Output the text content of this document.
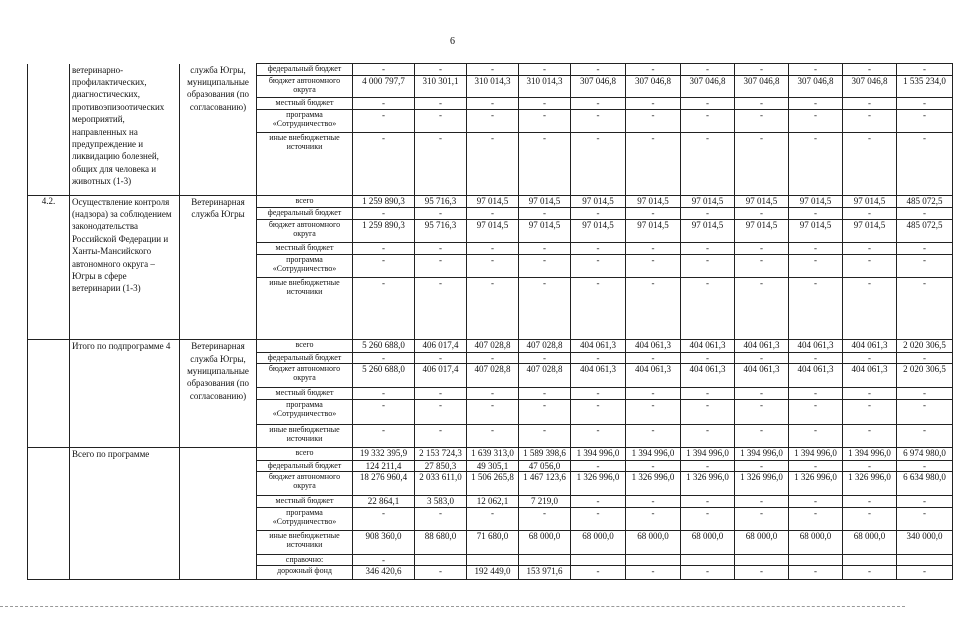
6
	ветеринарно-профилактических, диагностических, противоэпизоотических мероприятий, направленных на предупреждение и ликвидацию болезней, общих для человека и животных (1-3)	служба Югры, муниципальные образования (по согласованию)	федеральный бюджет	-	-	-	-	-	-	-	-	-	-	-
			бюджет автономного округа	4 000 797,7	310 301,1	310 014,3	310 014,3	307 046,8	307 046,8	307 046,8	307 046,8	307 046,8	307 046,8	1 535 234,0
			местный бюджет	-	-	-	-	-	-	-	-	-	-	-
			программа «Сотрудничество»	-	-	-	-	-	-	-	-	-	-	-
			иные внебюджетные источники	-	-	-	-	-	-	-	-	-	-	-
4.2.	Осуществление контроля (надзора) за соблюдением законодательства Российской Федерации и Ханты-Мансийского автономного округа – Югры в сфере ветеринарии (1-3)	Ветеринарная служба Югры	всего	1 259 890,3	95 716,3	97 014,5	97 014,5	97 014,5	97 014,5	97 014,5	97 014,5	97 014,5	97 014,5	485 072,5
			федеральный бюджет	-	-	-	-	-	-	-	-	-	-	-
			бюджет автономного округа	1 259 890,3	95 716,3	97 014,5	97 014,5	97 014,5	97 014,5	97 014,5	97 014,5	97 014,5	97 014,5	485 072,5
			местный бюджет	-	-	-	-	-	-	-	-	-	-	-
			программа «Сотрудничество»	-	-	-	-	-	-	-	-	-	-	-
			иные внебюджетные источники	-	-	-	-	-	-	-	-	-	-	-
	Итого по подпрограмме 4	Ветеринарная служба Югры, муниципальные образования (по согласованию)	всего	5 260 688,0	406 017,4	407 028,8	407 028,8	404 061,3	404 061,3	404 061,3	404 061,3	404 061,3	404 061,3	2 020 306,5
			федеральный бюджет	-	-	-	-	-	-	-	-	-	-	-
			бюджет автономного округа	5 260 688,0	406 017,4	407 028,8	407 028,8	404 061,3	404 061,3	404 061,3	404 061,3	404 061,3	404 061,3	2 020 306,5
			местный бюджет	-	-	-	-	-	-	-	-	-	-	-
			программа «Сотрудничество»	-	-	-	-	-	-	-	-	-	-	-
			иные внебюджетные источники	-	-	-	-	-	-	-	-	-	-	-
	Всего по программе		всего	19 332 395,9	2 153 724,3	1 639 313,0	1 589 398,6	1 394 996,0	1 394 996,0	1 394 996,0	1 394 996,0	1 394 996,0	1 394 996,0	6 974 980,0
			федеральный бюджет	124 211,4	27 850,3	49 305,1	47 056,0	-	-	-	-	-	-	-
			бюджет автономного округа	18 276 960,4	2 033 611,0	1 506 265,8	1 467 123,6	1 326 996,0	1 326 996,0	1 326 996,0	1 326 996,0	1 326 996,0	1 326 996,0	6 634 980,0
			местный бюджет	22 864,1	3 583,0	12 062,1	7 219,0	-	-	-	-	-	-	-
			программа «Сотрудничество»	-	-	-	-	-	-	-	-	-	-	-
			иные внебюджетные источники	908 360,0	88 680,0	71 680,0	68 000,0	68 000,0	68 000,0	68 000,0	68 000,0	68 000,0	68 000,0	340 000,0
			справочно:	-										
			дорожный фонд	346 420,6	-	192 449,0	153 971,6	-	-	-	-	-	-	-
